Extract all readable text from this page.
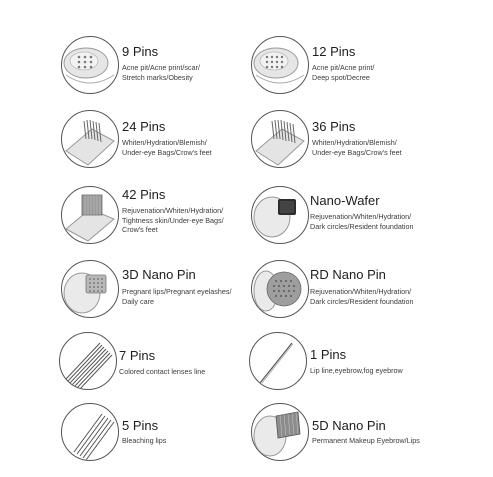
9 Pins
Acne pit/Acne print/scar/
Stretch marks/Obesity
12 Pins
Acne pit/Acne print/
Deep spot/Decree
24 Pins
Whiten/Hydration/Blemish/
Under-eye Bags/Crow's feet
36 Pins
Whiten/Hydration/Blemish/
Under-eye Bags/Crow's feet
42 Pins
Rejuvenation/Whiten/Hydration/
Tightness skin/Under-eye Bags/
Crow's feet
Nano-Wafer
Rejuvenation/Whiten/Hydration/
Dark circles/Resident foundation
3D Nano Pin
Pregnant lips/Pregnant eyelashes/
Daily care
RD Nano Pin
Rejuvenation/Whiten/Hydration/
Dark circles/Resident foundation
7 Pins
Colored contact lenses line
1 Pins
Lip line,eyebrow,fog eyebrow
5 Pins
Bleaching lips
5D Nano Pin
Permanent Makeup Eyebrow/Lips
